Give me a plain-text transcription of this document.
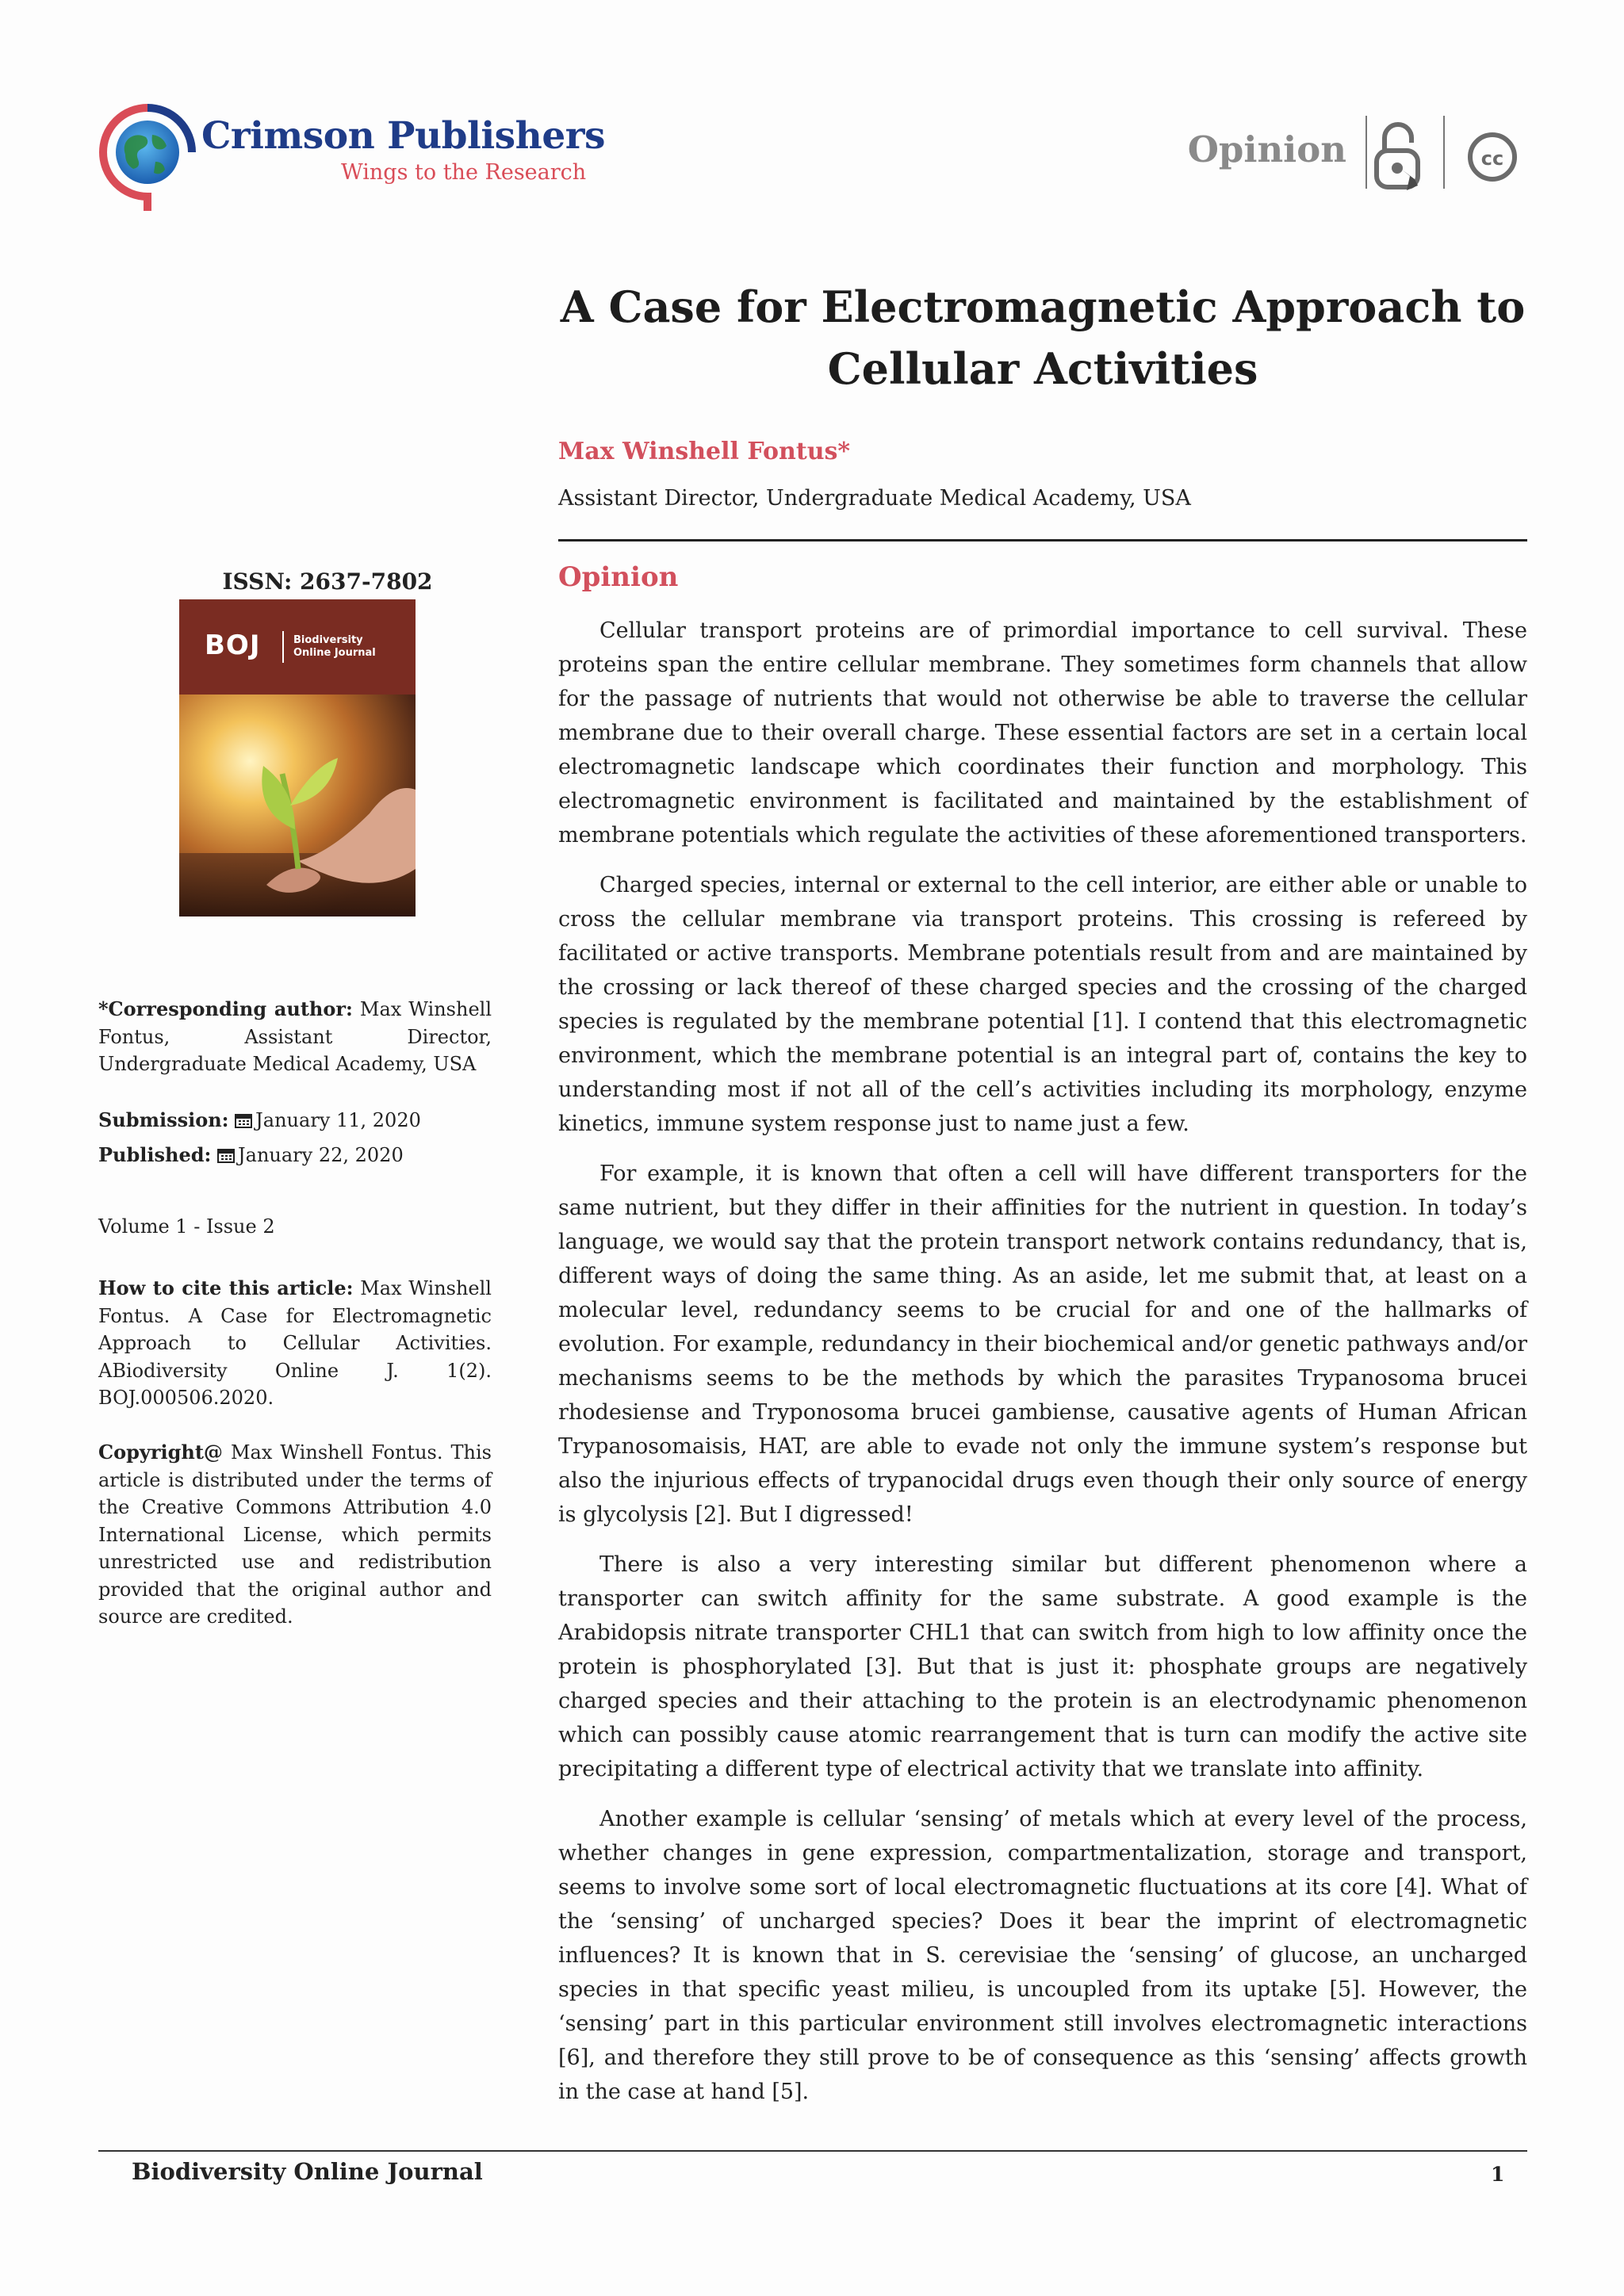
Crimson Publishers
Wings to the Research
Opinion	cc
A Case for Electromagnetic Approach to Cellular Activities
Max Winshell Fontus*
Assistant Director, Undergraduate Medical Academy, USA
ISSN: 2637-7802
BOJ	Biodiversity Online Journal
*Corresponding author: Max Winshell Fontus, Assistant Director, Undergraduate Medical Academy, USA
Submission: January 11, 2020
Published: January 22, 2020
Volume 1 - Issue 2
How to cite this article: Max Winshell Fontus. A Case for Electromagnetic Approach to Cellular Activities. ABiodiversity Online J. 1(2). BOJ.000506.2020.
Copyright@ Max Winshell Fontus. This article is distributed under the terms of the Creative Commons Attribution 4.0 International License, which permits unrestricted use and redistribution provided that the original author and source are credited.
Opinion

Cellular transport proteins are of primordial importance to cell survival. These proteins span the entire cellular membrane. They sometimes form channels that allow for the passage of nutrients that would not otherwise be able to traverse the cellular membrane due to their overall charge. These essential factors are set in a certain local electromagnetic landscape which coordinates their function and morphology. This electromagnetic environment is facilitated and maintained by the establishment of membrane potentials which regulate the activities of these aforementioned transporters.

Charged species, internal or external to the cell interior, are either able or unable to cross the cellular membrane via transport proteins. This crossing is refereed by facilitated or active transports. Membrane potentials result from and are maintained by the crossing or lack thereof of these charged species and the crossing of the charged species is regulated by the membrane potential [1]. I contend that this electromagnetic environment, which the membrane potential is an integral part of, contains the key to understanding most if not all of the cell’s activities including its morphology, enzyme kinetics, immune system response just to name just a few.

For example, it is known that often a cell will have different transporters for the same nutrient, but they differ in their affinities for the nutrient in question. In today’s language, we would say that the protein transport network contains redundancy, that is, different ways of doing the same thing. As an aside, let me submit that, at least on a molecular level, redundancy seems to be crucial for and one of the hallmarks of evolution. For example, redundancy in their biochemical and/or genetic pathways and/or mechanisms seems to be the methods by which the parasites Trypanosoma brucei rhodesiense and Tryponosoma brucei gambiense, causative agents of Human African Trypanosomaisis, HAT, are able to evade not only the immune system’s response but also the injurious effects of trypanocidal drugs even though their only source of energy is glycolysis [2]. But I digressed!

There is also a very interesting similar but different phenomenon where a transporter can switch affinity for the same substrate. A good example is the Arabidopsis nitrate transporter CHL1 that can switch from high to low affinity once the protein is phosphorylated [3]. But that is just it: phosphate groups are negatively charged species and their attaching to the protein is an electrodynamic phenomenon which can possibly cause atomic rearrangement that is turn can modify the active site precipitating a different type of electrical activity that we translate into affinity.

Another example is cellular ‘sensing’ of metals which at every level of the process, whether changes in gene expression, compartmentalization, storage and transport, seems to involve some sort of local electromagnetic fluctuations at its core [4]. What of the ‘sensing’ of uncharged species? Does it bear the imprint of electromagnetic influences? It is known that in S. cerevisiae the ‘sensing’ of glucose, an uncharged species in that specific yeast milieu, is uncoupled from its uptake [5]. However, the ‘sensing’ part in this particular environment still involves electromagnetic interactions [6], and therefore they still prove to be of consequence as this ‘sensing’ affects growth in the case at hand [5].

Biodiversity Online Journal	1
